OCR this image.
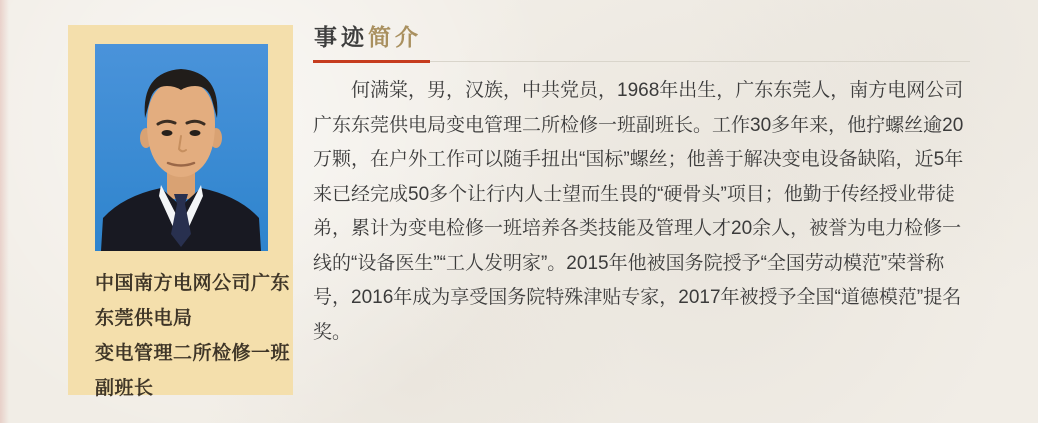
中国南方电网公司广东
东莞供电局
变电管理二所检修一班
副班长
事迹简介

何满棠，男，汉族，中共党员，1968年出生，广东东莞人，南方电网公司广东东莞供电局变电管理二所检修一班副班长。工作30多年来，他拧螺丝逾20万颗，在户外工作可以随手扭出“国标”螺丝；他善于解决变电设备缺陷，近5年来已经完成50多个让行内人士望而生畏的“硬骨头”项目；他勤于传经授业带徒弟，累计为变电检修一班培养各类技能及管理人才20余人，被誉为电力检修一线的“设备医生”“工人发明家”。2015年他被国务院授予“全国劳动模范”荣誉称号，2016年成为享受国务院特殊津贴专家，2017年被授予全国“道德模范”提名奖。
